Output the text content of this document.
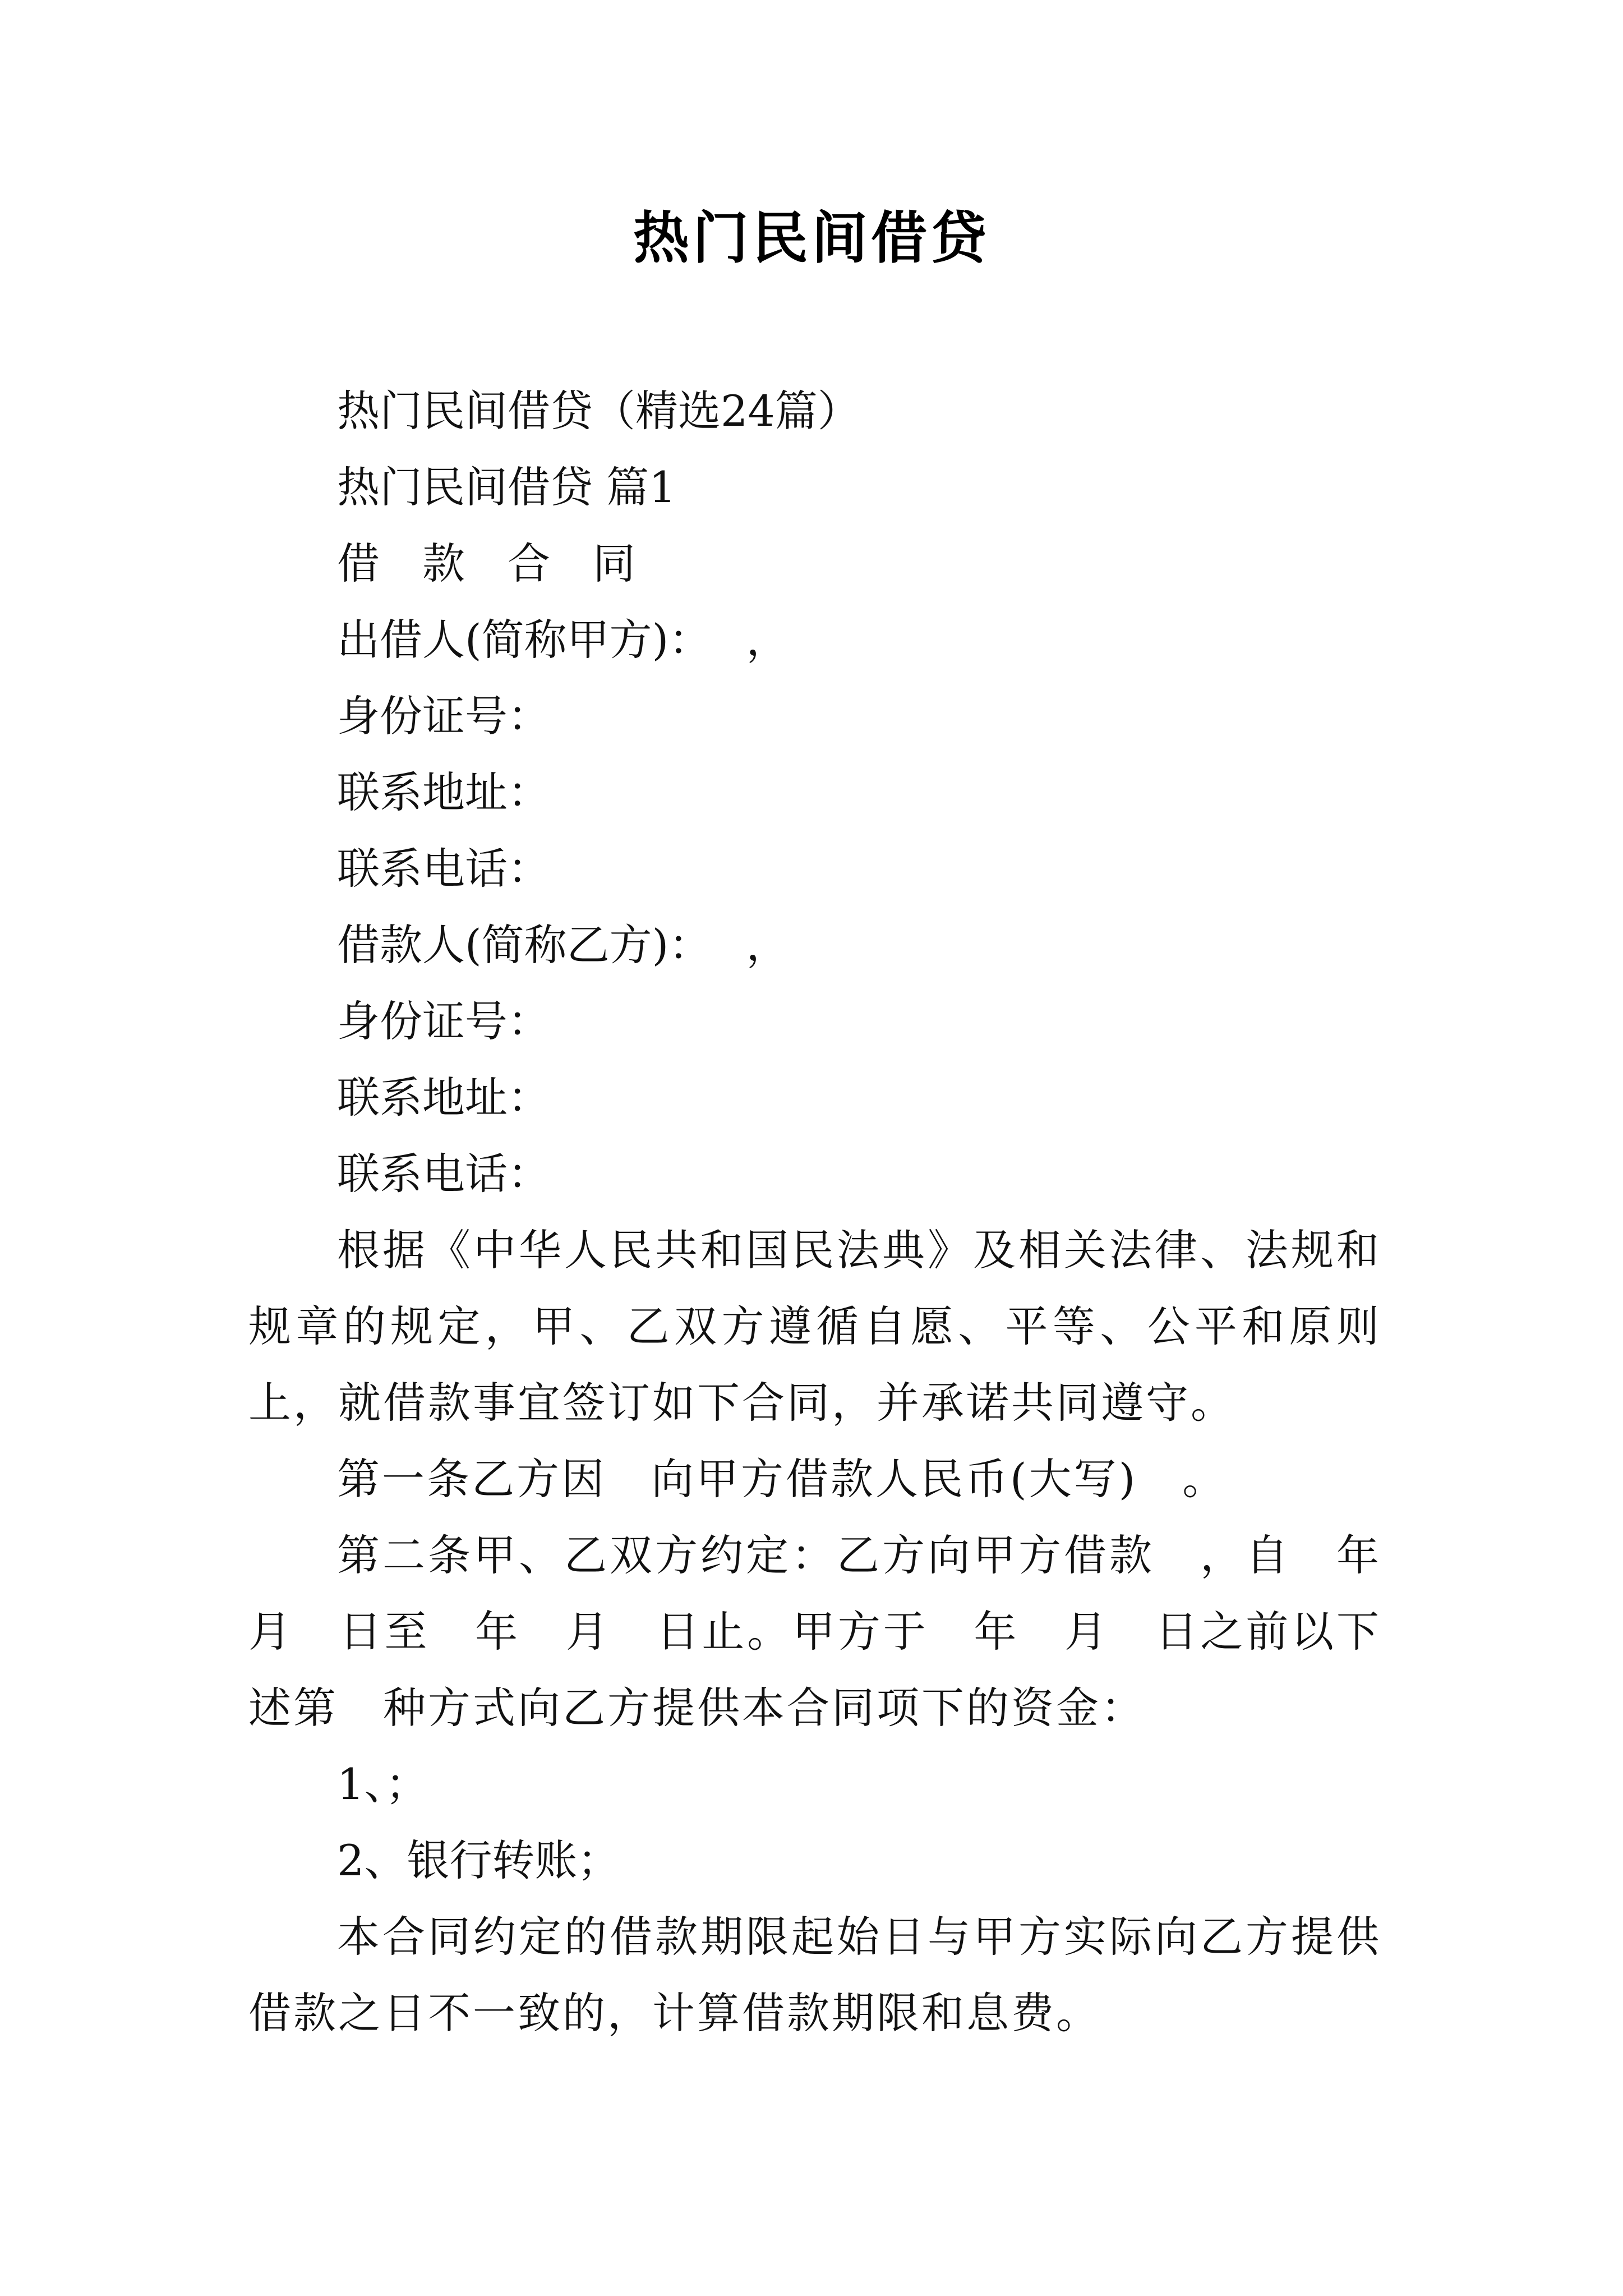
热门民间借贷

热门民间借贷（精选24篇）

热门民间借贷 篇1

借　款　合　同

出借人(简称甲方)：　 ，

身份证号：

联系地址：

联系电话：

借款人(简称乙方)：　 ，

身份证号：

联系地址：

联系电话：

根据《中华人民共和国民法典》及相关法律、法规和规章的规定，甲、乙双方遵循自愿、平等、公平和原则上，就借款事宜签订如下合同，并承诺共同遵守。

第一条乙方因　向甲方借款人民币(大写)　。

第二条甲、乙双方约定：乙方向甲方借款　，自　年　月　日至　年　月　日止。甲方于　年　月　日之前以下述第　种方式向乙方提供本合同项下的资金：

1、；

2、银行转账；

本合同约定的借款期限起始日与甲方实际向乙方提供借款之日不一致的，计算借款期限和息费。
